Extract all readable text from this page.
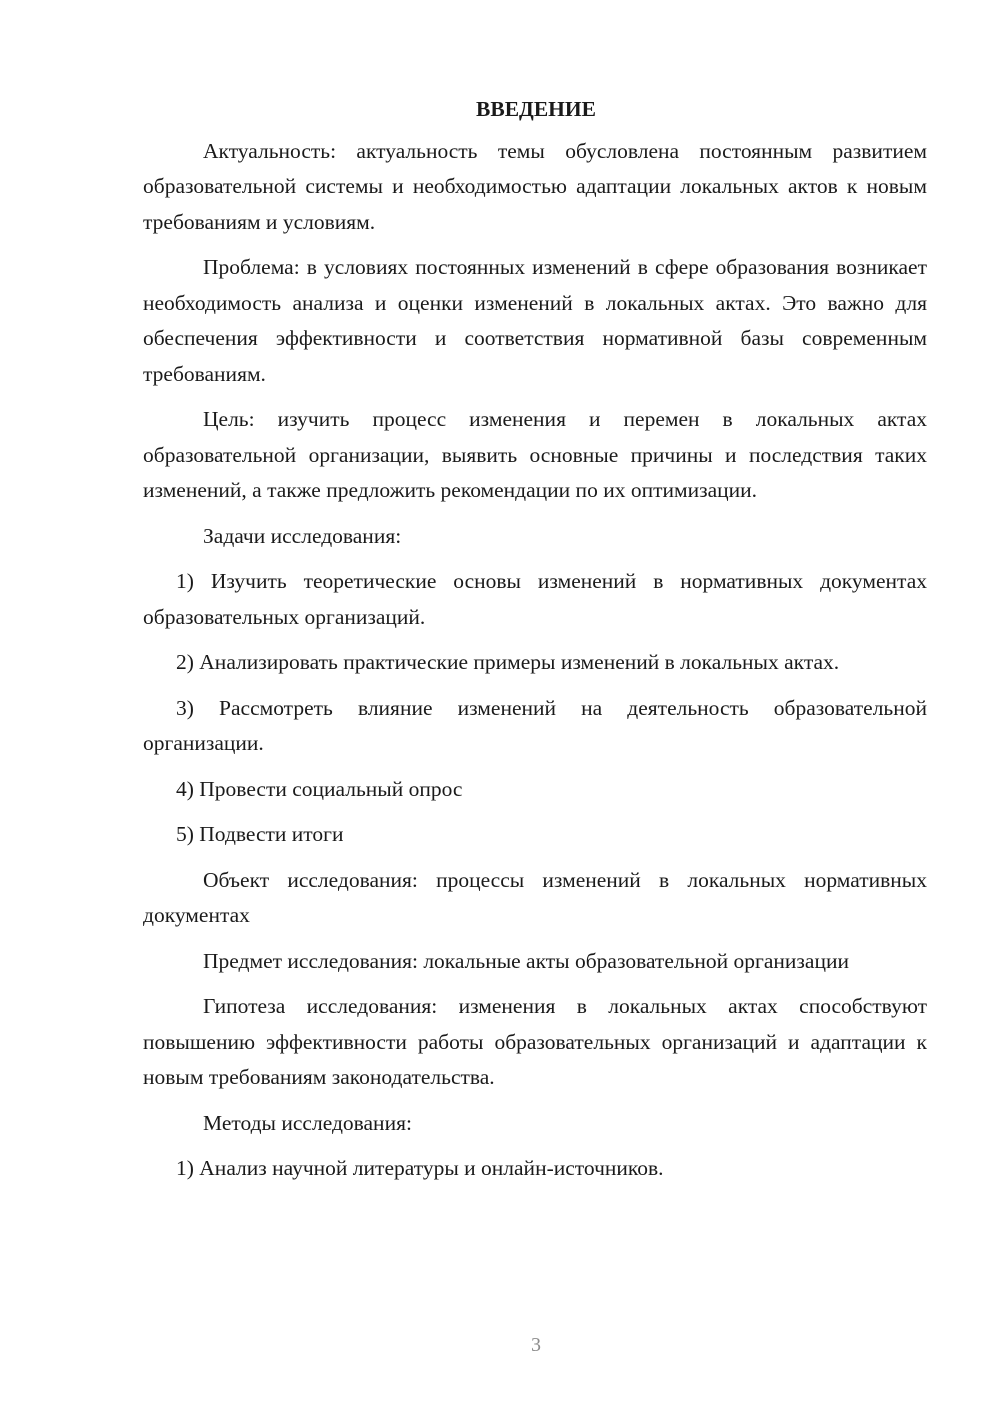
ВВЕДЕНИЕ

Актуальность: актуальность темы обусловлена постоянным развитием образовательной системы и необходимостью адаптации локальных актов к новым требованиям и условиям.

Проблема: в условиях постоянных изменений в сфере образования возникает необходимость анализа и оценки изменений в локальных актах. Это важно для обеспечения эффективности и соответствия нормативной базы современным требованиям.

Цель: изучить процесс изменения и перемен в локальных актах образовательной организации, выявить основные причины и последствия таких изменений, а также предложить рекомендации по их оптимизации.

Задачи исследования:

1) Изучить теоретические основы изменений в нормативных документах образовательных организаций.

2) Анализировать практические примеры изменений в локальных актах.

3) Рассмотреть влияние изменений на деятельность образовательной организации.

4) Провести социальный опрос

5) Подвести итоги

Объект исследования: процессы изменений в локальных нормативных документах

Предмет исследования: локальные акты образовательной организации

Гипотеза исследования: изменения в локальных актах способствуют повышению эффективности работы образовательных организаций и адаптации к новым требованиям законодательства.

Методы исследования:

1) Анализ научной литературы и онлайн-источников.

3
